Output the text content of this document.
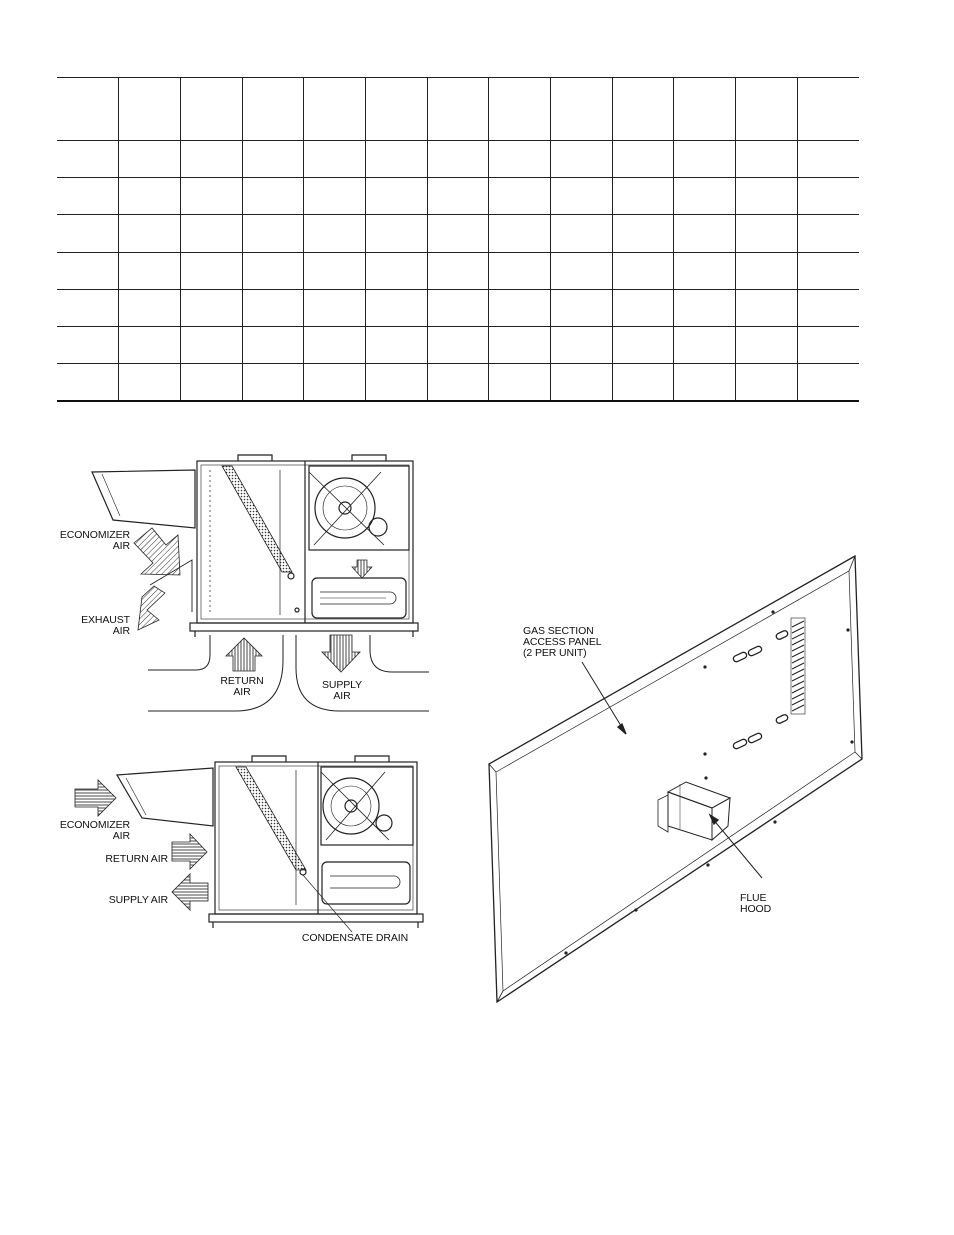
ECONOMIZER
AIR
EXHAUST
AIR
RETURN
AIR
SUPPLY
AIR
ECONOMIZER
AIR
RETURN AIR
SUPPLY AIR
CONDENSATE DRAIN
GAS SECTION
ACCESS PANEL
(2 PER UNIT)
FLUE
HOOD
